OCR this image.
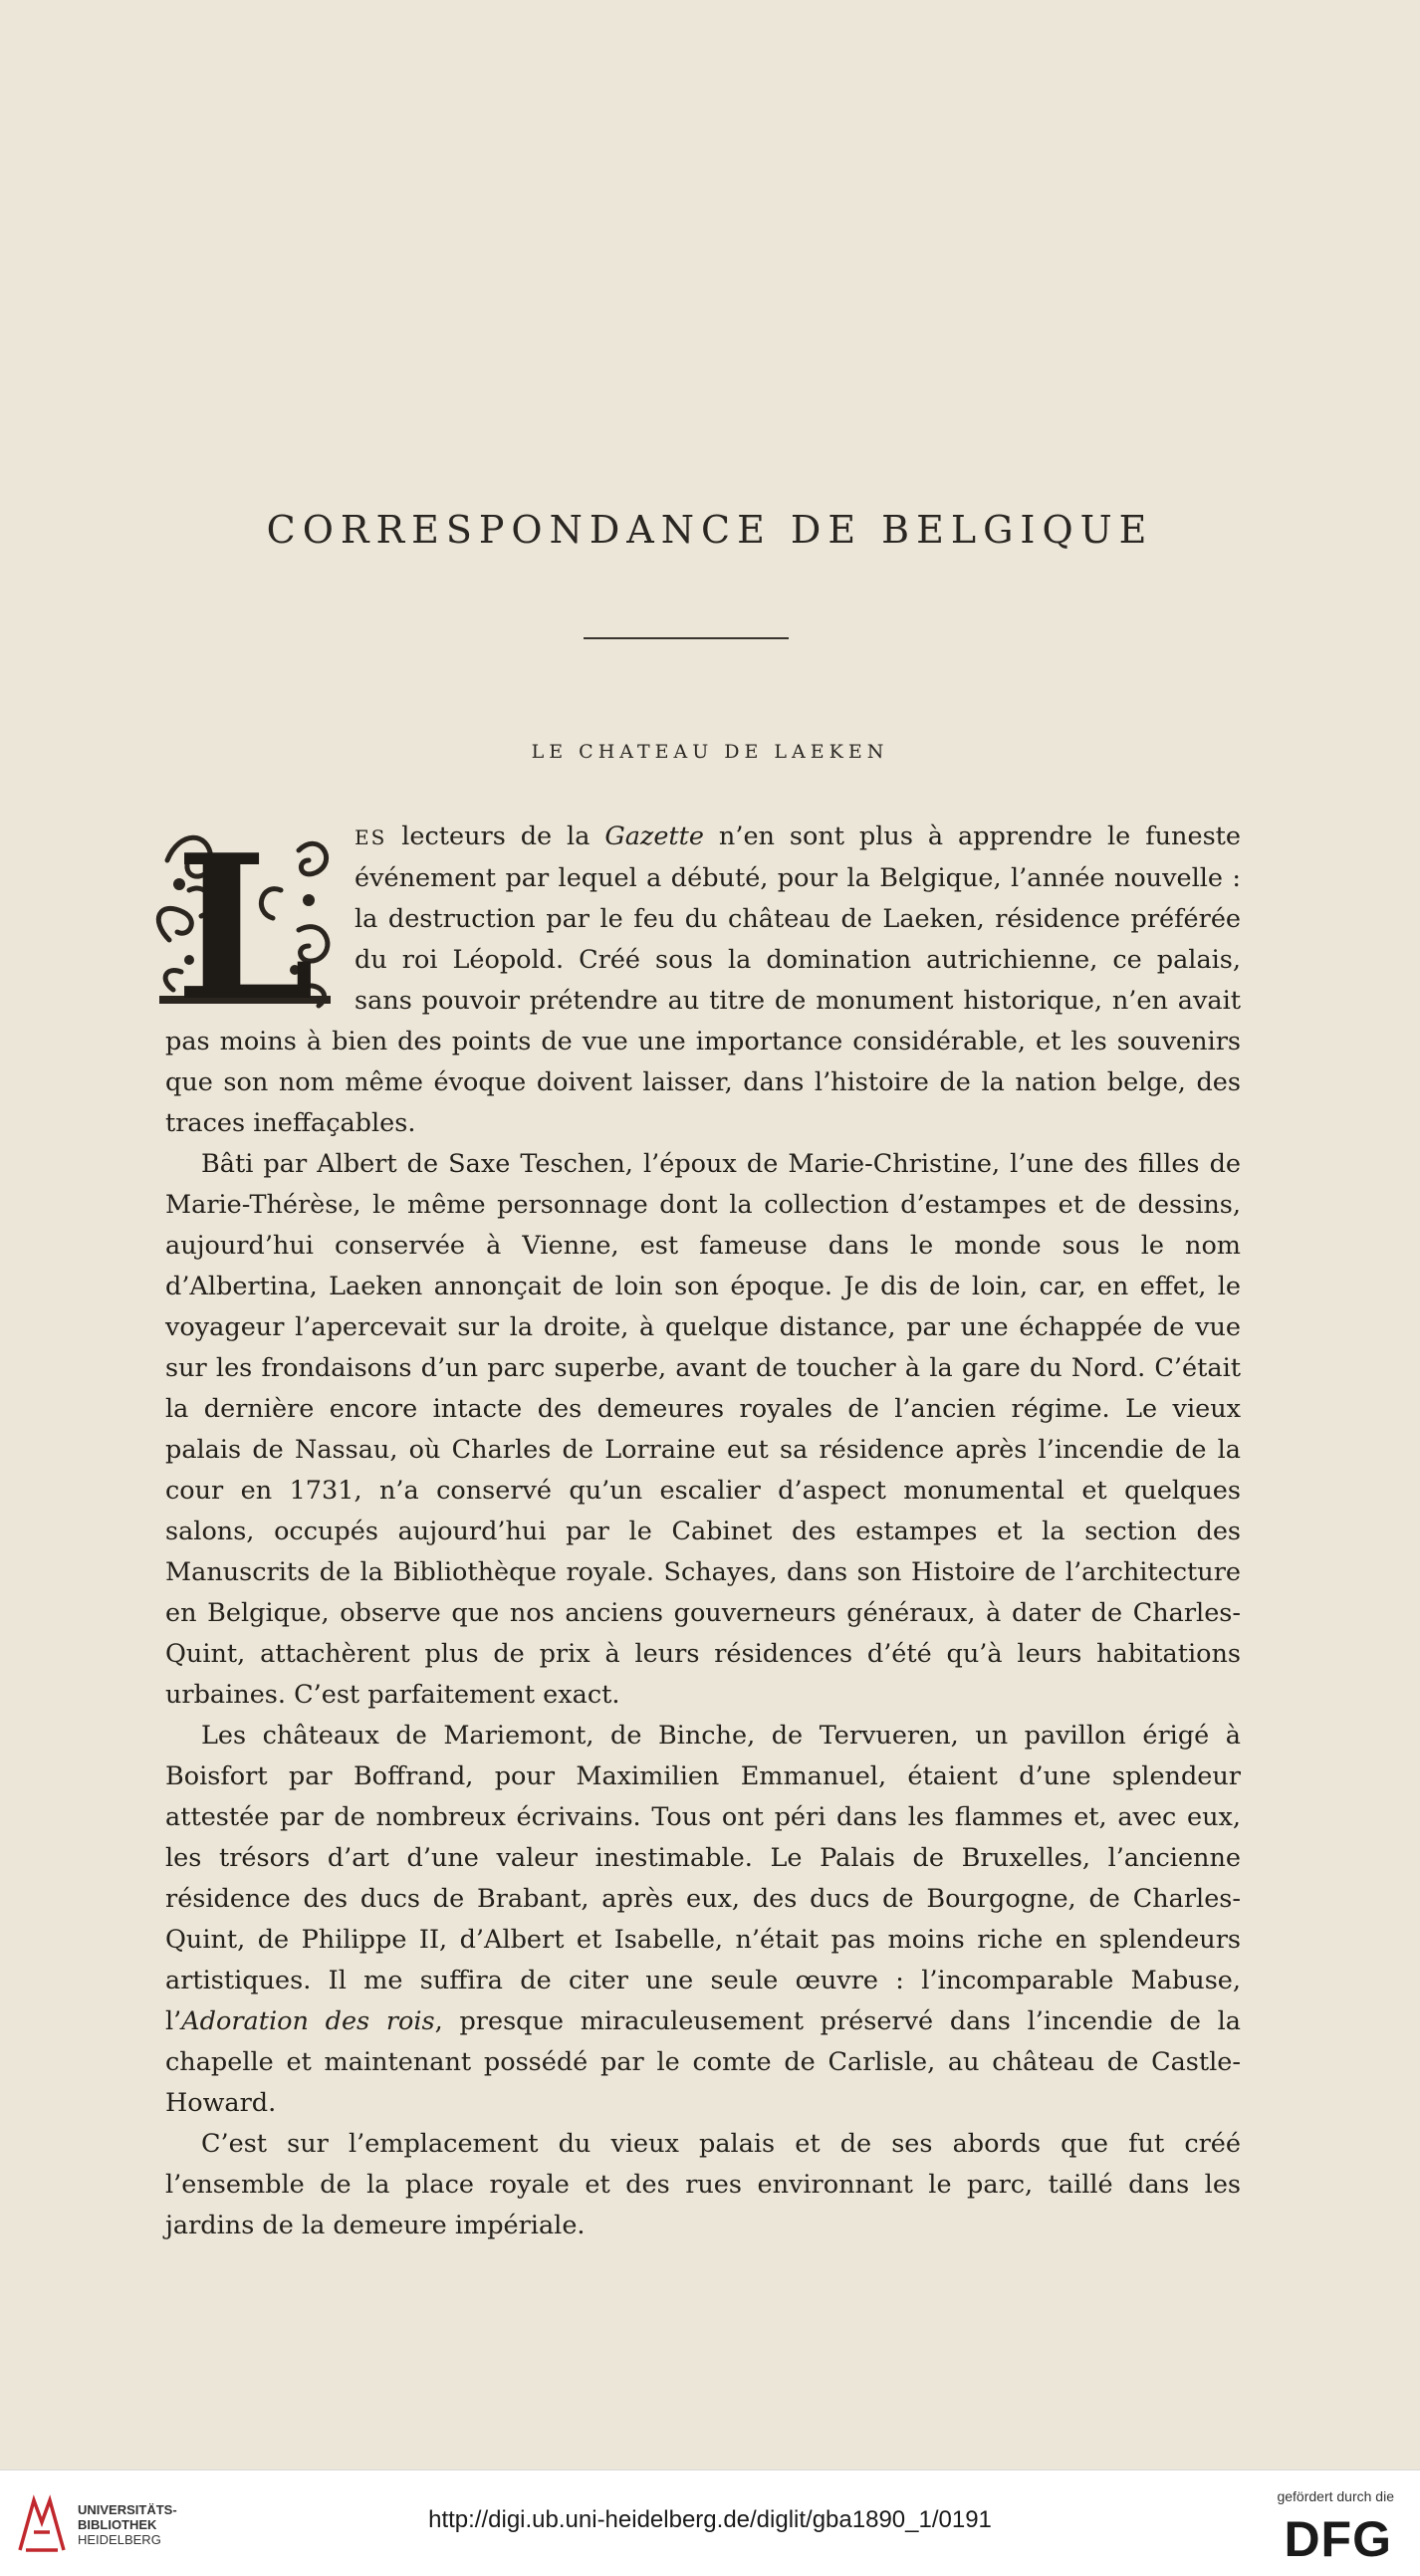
CORRESPONDANCE DE BELGIQUE
LE CHATEAU DE LAEKEN

L ES lecteurs de la Gazette n’en sont plus à apprendre le funeste événement par lequel a débuté, pour la Belgique, l’année nouvelle : la destruction par le feu du château de Laeken, résidence préférée du roi Léopold. Créé sous la domination autrichienne, ce palais, sans pouvoir prétendre au titre de monument historique, n’en avait pas moins à bien des points de vue une importance considérable, et les souvenirs que son nom même évoque doivent laisser, dans l’histoire de la nation belge, des traces ineffaçables.

Bâti par Albert de Saxe Teschen, l’époux de Marie-Christine, l’une des filles de Marie-Thérèse, le même personnage dont la collection d’estampes et de dessins, aujourd’hui conservée à Vienne, est fameuse dans le monde sous le nom d’Albertina, Laeken annonçait de loin son époque. Je dis de loin, car, en effet, le voyageur l’apercevait sur la droite, à quelque distance, par une échappée de vue sur les frondaisons d’un parc superbe, avant de toucher à la gare du Nord. C’était la dernière encore intacte des demeures royales de l’ancien régime. Le vieux palais de Nassau, où Charles de Lorraine eut sa résidence après l’incendie de la cour en 1731, n’a conservé qu’un escalier d’aspect monumental et quelques salons, occupés aujourd’hui par le Cabinet des estampes et la section des Manuscrits de la Bibliothèque royale. Schayes, dans son Histoire de l’architecture en Belgique, observe que nos anciens gouverneurs généraux, à dater de Charles-Quint, attachèrent plus de prix à leurs résidences d’été qu’à leurs habitations urbaines. C’est parfaitement exact.

Les châteaux de Mariemont, de Binche, de Tervueren, un pavillon érigé à Boisfort par Boffrand, pour Maximilien Emmanuel, étaient d’une splendeur attestée par de nombreux écrivains. Tous ont péri dans les flammes et, avec eux, les trésors d’art d’une valeur inestimable. Le Palais de Bruxelles, l’ancienne résidence des ducs de Brabant, après eux, des ducs de Bourgogne, de Charles-Quint, de Philippe II, d’Albert et Isabelle, n’était pas moins riche en splendeurs artistiques. Il me suffira de citer une seule œuvre : l’incomparable Mabuse, l’Adoration des rois, presque miraculeusement préservé dans l’incendie de la chapelle et maintenant possédé par le comte de Carlisle, au château de Castle-Howard.

C’est sur l’emplacement du vieux palais et de ses abords que fut créé l’ensemble de la place royale et des rues environnant le parc, taillé dans les jardins de la demeure impériale.

UNIVERSITÄTS-
BIBLIOTHEK
HEIDELBERG
http://digi.ub.uni-heidelberg.de/diglit/gba1890_1/0191
gefördert durch die
DFG
